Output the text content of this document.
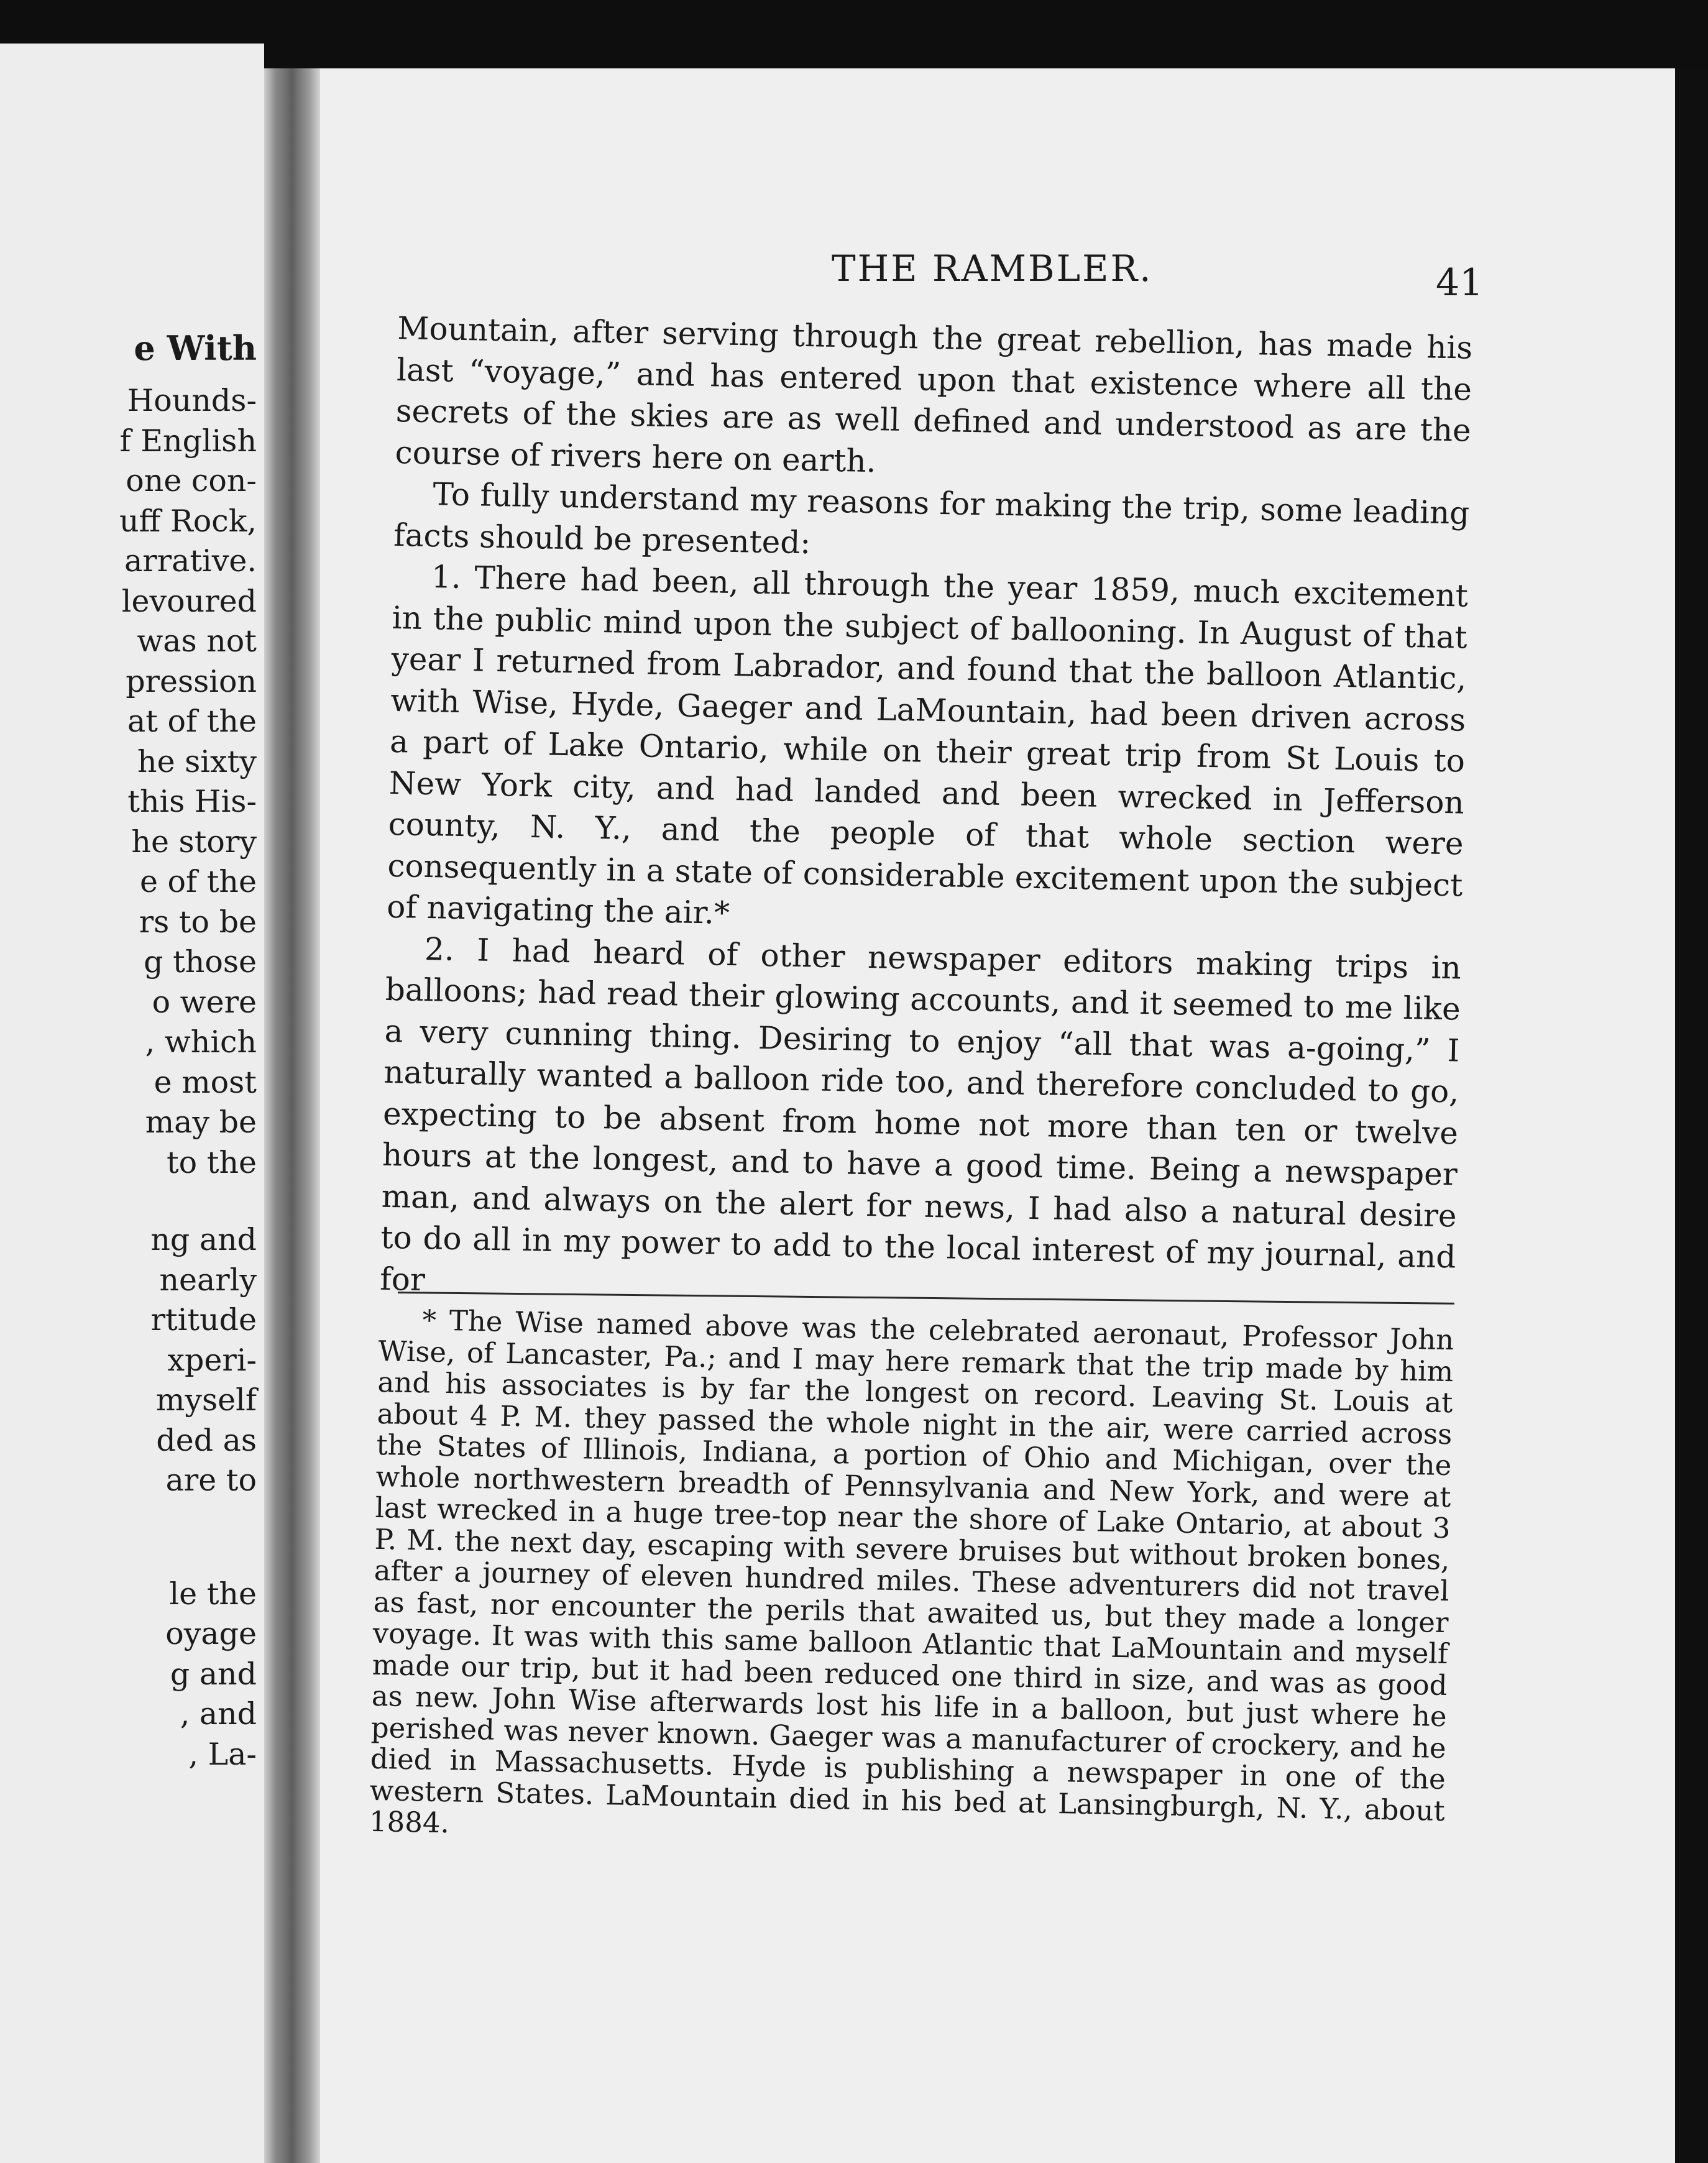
e With
Hounds-
f English
one con-
uff Rock,
arrative.
levoured
was not
pression
at of the
he sixty
this His-
he story
e of the
rs to be
g those
o were
, which
e most
may be
to the
ng and
nearly
rtitude
xperi-
myself
ded as
are to
le the
oyage
g and
, and
, La-
THE RAMBLER.	41

Mountain, after serving through the great rebellion, has made his last “voyage,” and has entered upon that existence where all the secrets of the skies are as well defined and understood as are the course of rivers here on earth.

To fully understand my reasons for making the trip, some leading facts should be presented:

1. There had been, all through the year 1859, much excitement in the public mind upon the subject of ballooning. In August of that year I returned from Labrador, and found that the balloon Atlantic, with Wise, Hyde, Gaeger and LaMountain, had been driven across a part of Lake Ontario, while on their great trip from St Louis to New York city, and had landed and been wrecked in Jefferson county, N. Y., and the people of that whole section were consequently in a state of considerable excitement upon the subject of navigating the air.*

2. I had heard of other newspaper editors making trips in balloons; had read their glowing accounts, and it seemed to me like a very cunning thing. Desiring to enjoy “all that was a-going,” I naturally wanted a balloon ride too, and therefore concluded to go, expecting to be absent from home not more than ten or twelve hours at the longest, and to have a good time. Being a newspaper man, and always on the alert for news, I had also a natural desire to do all in my power to add to the local interest of my journal, and for

* The Wise named above was the celebrated aeronaut, Professor John Wise, of Lancaster, Pa.; and I may here remark that the trip made by him and his associates is by far the longest on record. Leaving St. Louis at about 4 P. M. they passed the whole night in the air, were carried across the States of Illinois, Indiana, a portion of Ohio and Michigan, over the whole northwestern breadth of Pennsylvania and New York, and were at last wrecked in a huge tree-top near the shore of Lake Ontario, at about 3 P. M. the next day, escaping with severe bruises but without broken bones, after a journey of eleven hundred miles. These adventurers did not travel as fast, nor encounter the perils that awaited us, but they made a longer voyage. It was with this same balloon Atlantic that LaMountain and myself made our trip, but it had been reduced one third in size, and was as good as new. John Wise afterwards lost his life in a balloon, but just where he perished was never known. Gaeger was a manufacturer of crockery, and he died in Massachusetts. Hyde is publishing a newspaper in one of the western States. LaMountain died in his bed at Lansingburgh, N. Y., about 1884.
